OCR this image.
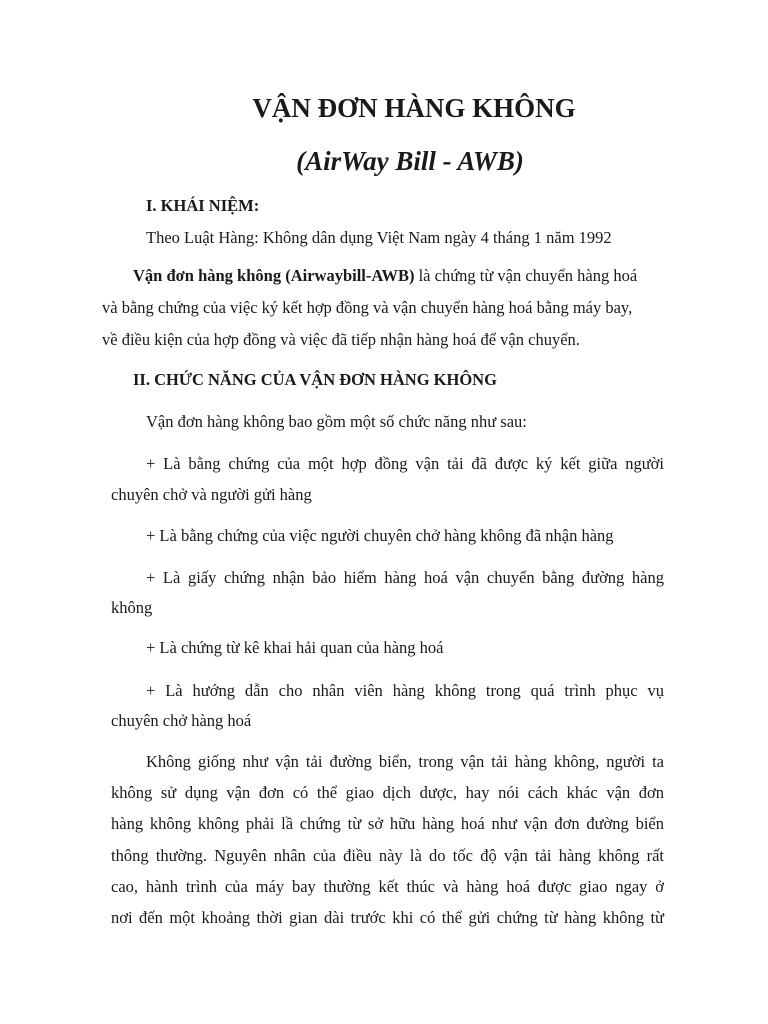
VẬN ĐƠN HÀNG KHÔNG
(AirWay Bill - AWB)

I. KHÁI NIỆM:

Theo Luật Hàng: Không dân dụng Việt Nam ngày 4 tháng 1 năm 1992

Vận đơn hàng không (Airwaybill-AWB) là chứng từ vận chuyển hàng hoá

và bằng chứng của việc ký kết hợp đồng và vận chuyển hàng hoá bằng máy bay,

về điều kiện của hợp đồng và việc đã tiếp nhận hàng hoá để vận chuyển.

II. CHỨC NĂNG CỦA VẬN ĐƠN HÀNG KHÔNG

Vận đơn hàng không bao gồm một số chức năng như sau:

+ Là bằng chứng của một hợp đồng vận tải đã được ký kết giữa người

chuyên chở và người gửi hàng

+ Là bằng chứng của việc người chuyên chở hàng không đã nhận hàng

+ Là giấy chứng nhận bảo hiểm hàng hoá vận chuyển bằng đường hàng

không

+ Là chứng từ kê khai hải quan của hàng hoá

+ Là hướng dẫn cho nhân viên hàng không trong quá trình phục vụ

chuyên chở hàng hoá

Không giống như vận tải đường biển, trong vận tải hàng không, người ta

không sử dụng vận đơn có thể giao dịch dược, hay nói cách khác vận đơn

hàng không không phải lầ chứng từ sở hữu hàng hoá như vận đơn đường biển

thông thường. Nguyên nhân của điều này là do tốc độ vận tải hàng không rất

cao, hành trình của máy bay thường kết thúc và hàng hoá được giao ngay ở

nơi đến một khoảng thời gian dài trước khi có thể gửi chứng từ hàng không từ
